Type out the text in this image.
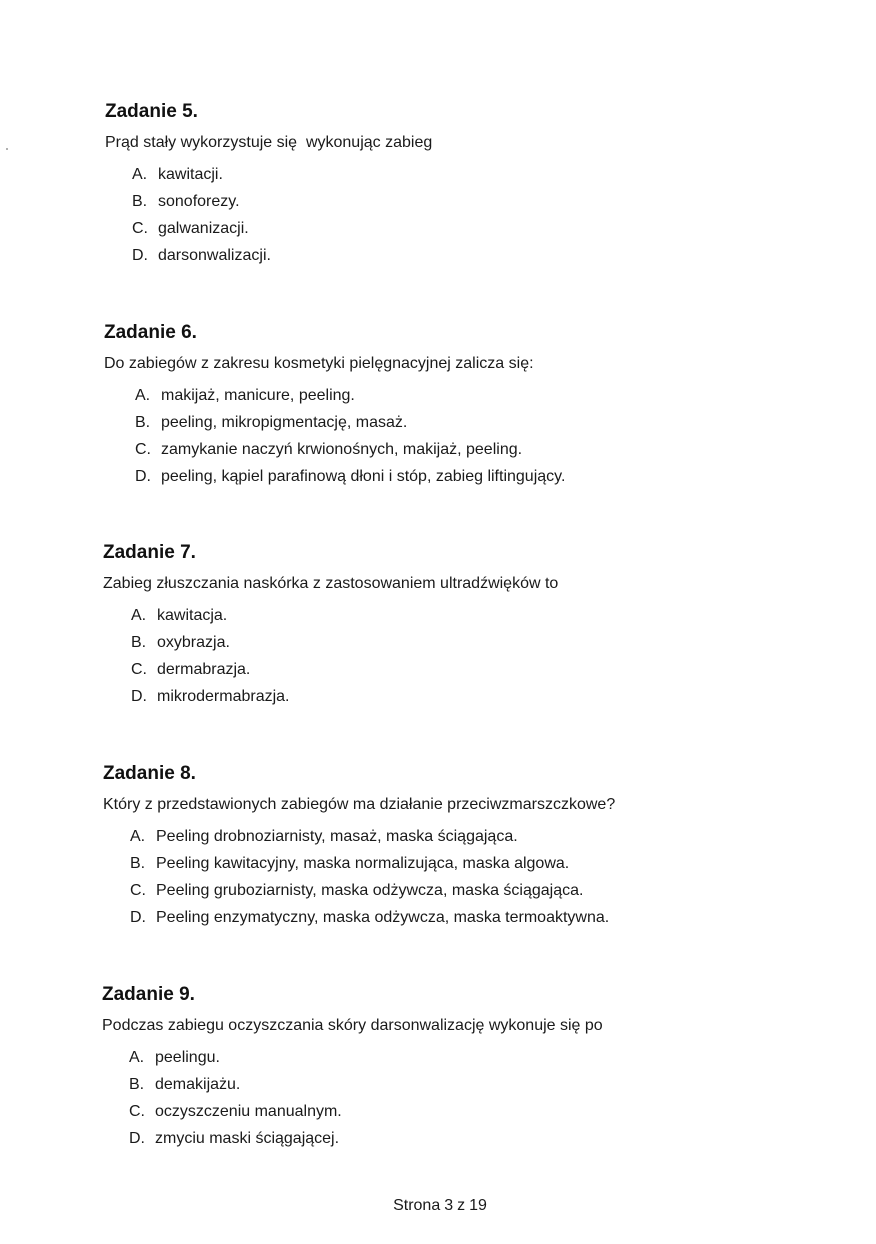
Zadanie 5.

Prąd stały wykorzystuje się  wykonując zabieg

A. kawitacji.
B. sonoforezy.
C. galwanizacji.
D. darsonwalizacji.
Zadanie 6.

Do zabiegów z zakresu kosmetyki pielęgnacyjnej zalicza się:

A. makijaż, manicure, peeling.
B. peeling, mikropigmentację, masaż.
C. zamykanie naczyń krwionośnych, makijaż, peeling.
D. peeling, kąpiel parafinową dłoni i stóp, zabieg liftingujący.
Zadanie 7.

Zabieg złuszczania naskórka z zastosowaniem ultradźwięków to

A. kawitacja.
B. oxybrazja.
C. dermabrazja.
D. mikrodermabrazja.
Zadanie 8.

Który z przedstawionych zabiegów ma działanie przeciwzmarszczkowe?

A. Peeling drobnoziarnisty, masaż, maska ściągająca.
B. Peeling kawitacyjny, maska normalizująca, maska algowa.
C. Peeling gruboziarnisty, maska odżywcza, maska ściągająca.
D. Peeling enzymatyczny, maska odżywcza, maska termoaktywna.
Zadanie 9.

Podczas zabiegu oczyszczania skóry darsonwalizację wykonuje się po

A. peelingu.
B. demakijażu.
C. oczyszczeniu manualnym.
D. zmyciu maski ściągającej.
Strona 3 z 19
